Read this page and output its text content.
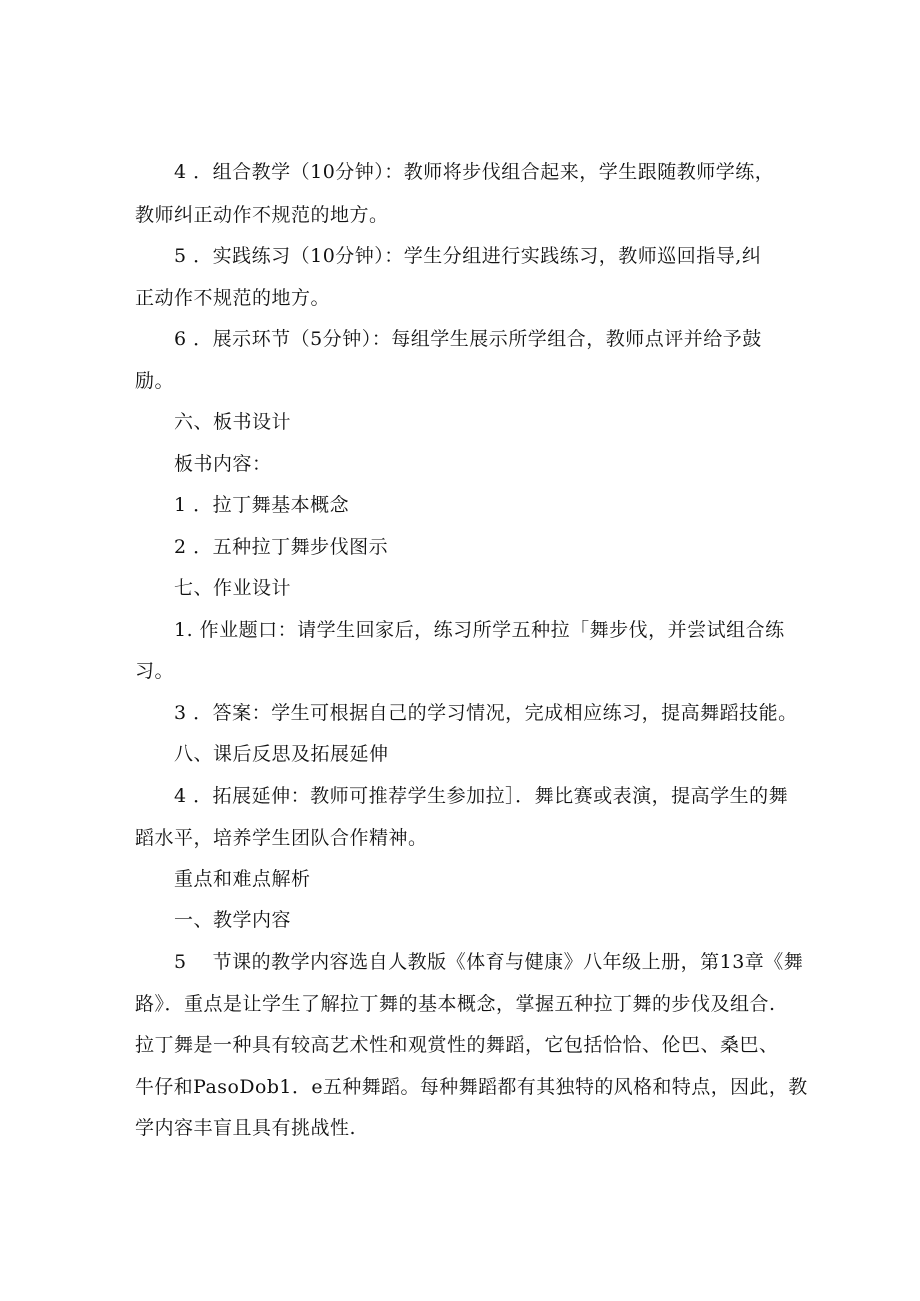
4 ．组合教学（10分钟）：教师将步伐组合起来，学生跟随教师学练，
教师纠正动作不规范的地方。
5 ．实践练习（10分钟）：学生分组进行实践练习，教师巡回指导,纠
正动作不规范的地方。
6 ．展示环节（5分钟）：每组学生展示所学组合，教师点评并给予鼓
励。
六、板书设计
板书内容：
1 ．拉丁舞基本概念
2 ．五种拉丁舞步伐图示
七、作业设计
1. 作业题口：请学生回家后，练习所学五种拉「舞步伐，并尝试组合练
习。
3 ．答案：学生可根据自己的学习情况，完成相应练习，提高舞蹈技能。
八、课后反思及拓展延伸
4 ．拓展延伸：教师可推荐学生参加拉］．舞比赛或表演，提高学生的舞
蹈水平，培养学生团队合作精神。
重点和难点解析
一、教学内容
5　 节课的教学内容选自人教版《体育与健康》八年级上册，第13章《舞
路》．重点是让学生了解拉丁舞的基本概念，掌握五种拉丁舞的步伐及组合.
拉丁舞是一种具有较高艺术性和观赏性的舞蹈，它包括恰恰、伦巴、桑巴、
牛仔和PasoDob1．e五种舞蹈。每种舞蹈都有其独特的风格和特点，因此，教
学内容丰盲且具有挑战性.
